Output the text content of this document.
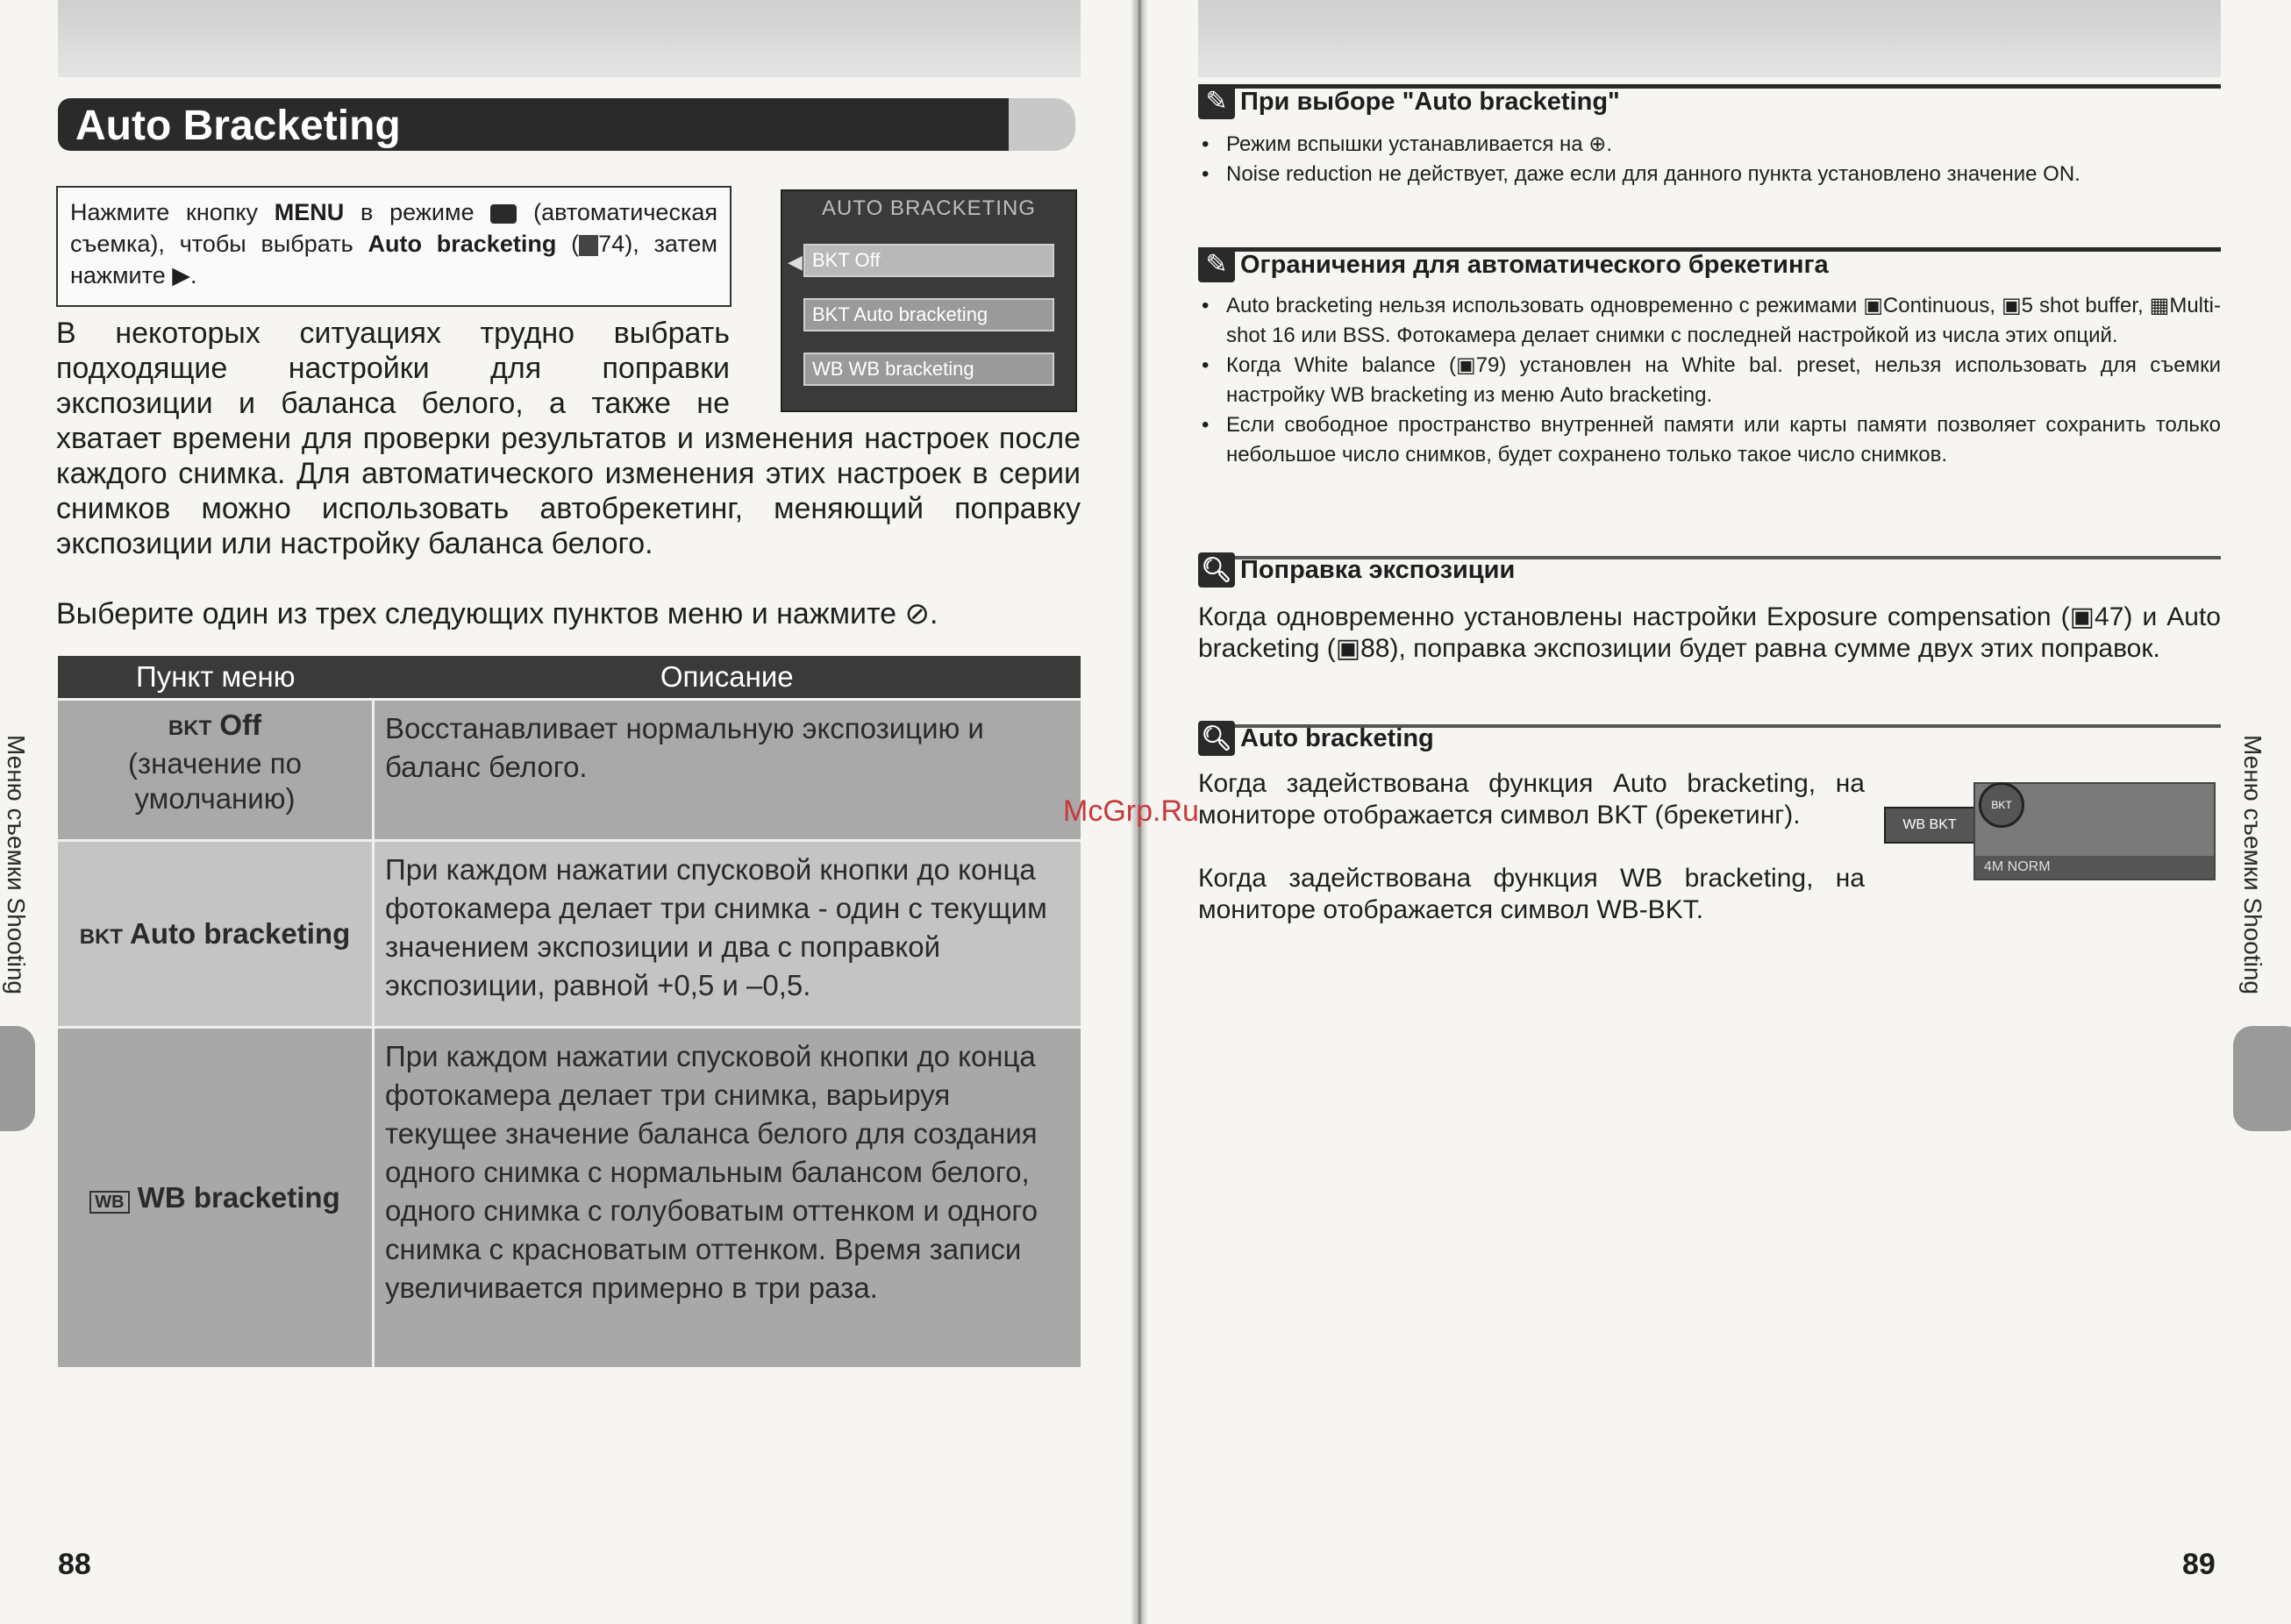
Auto Bracketing
Нажмите кнопку MENU в режиме  (автоматическая съемка), чтобы выбрать Auto bracketing ( 74), затем нажмите ▶.
AUTO BRACKETING
◀ BKT Off
BKT Auto bracketing
WB WB bracketing
В некоторых ситуациях трудно выбрать подходящие настройки для поправки экспозиции и баланса белого, а также не хватает времени для проверки результатов и изменения настроек после каждого снимка. Для автоматического изменения этих настроек в серии снимков можно использовать автобрекетинг, меняющий поправку экспозиции или настройку баланса белого.
Выберите один из трех следующих пунктов меню и нажмите ⊘.
Пункт меню	Описание
BKT Off
(значение по умолчанию)	Восстанавливает нормальную экспозицию и баланс белого.
BKT Auto bracketing	При каждом нажатии спусковой кнопки до конца фотокамера делает три снимка - один с текущим значением экспозиции и два с поправкой экспозиции, равной +0,5 и –0,5.
WB WB bracketing	При каждом нажатии спусковой кнопки до конца фотокамера делает три снимка, варьируя текущее значение баланса белого для создания одного снимка с нормальным балансом белого, одного снимка с голубоватым оттенком и одного снимка с красноватым оттенком. Время записи увеличивается примерно в три раза.
Меню съемки Shooting
88
✎ При выборе "Auto bracketing"
• Режим вспышки устанавливается на ⊕.
• Noise reduction не действует, даже если для данного пункта установлено значение ON.
✎ Ограничения для автоматического брекетинга
• Auto bracketing нельзя использовать одновременно с режимами ▣Continuous, ▣5 shot buffer, ▦Multi-shot 16 или BSS. Фотокамера делает снимки с последней настройкой из числа этих опций.
• Когда White balance (▣79) установлен на White bal. preset, нельзя использовать для съемки настройку WB bracketing из меню Auto bracketing.
• Если свободное пространство внутренней памяти или карты памяти позволяет сохранить только небольшое число снимков, будет сохранено только такое число снимков.
🔍︎ Поправка экспозиции
Когда одновременно установлены настройки Exposure compensation (▣47) и Auto bracketing (▣88), поправка экспозиции будет равна сумме двух этих поправок.
🔍︎ Auto bracketing
Когда задействована функция Auto bracketing, на мониторе отображается символ BKT (брекетинг).
Когда задействована функция WB bracketing, на мониторе отображается символ WB-BKT.
WB BKT
BKT
4M NORM
McGrp.Ru	Меню съемки Shooting
89
